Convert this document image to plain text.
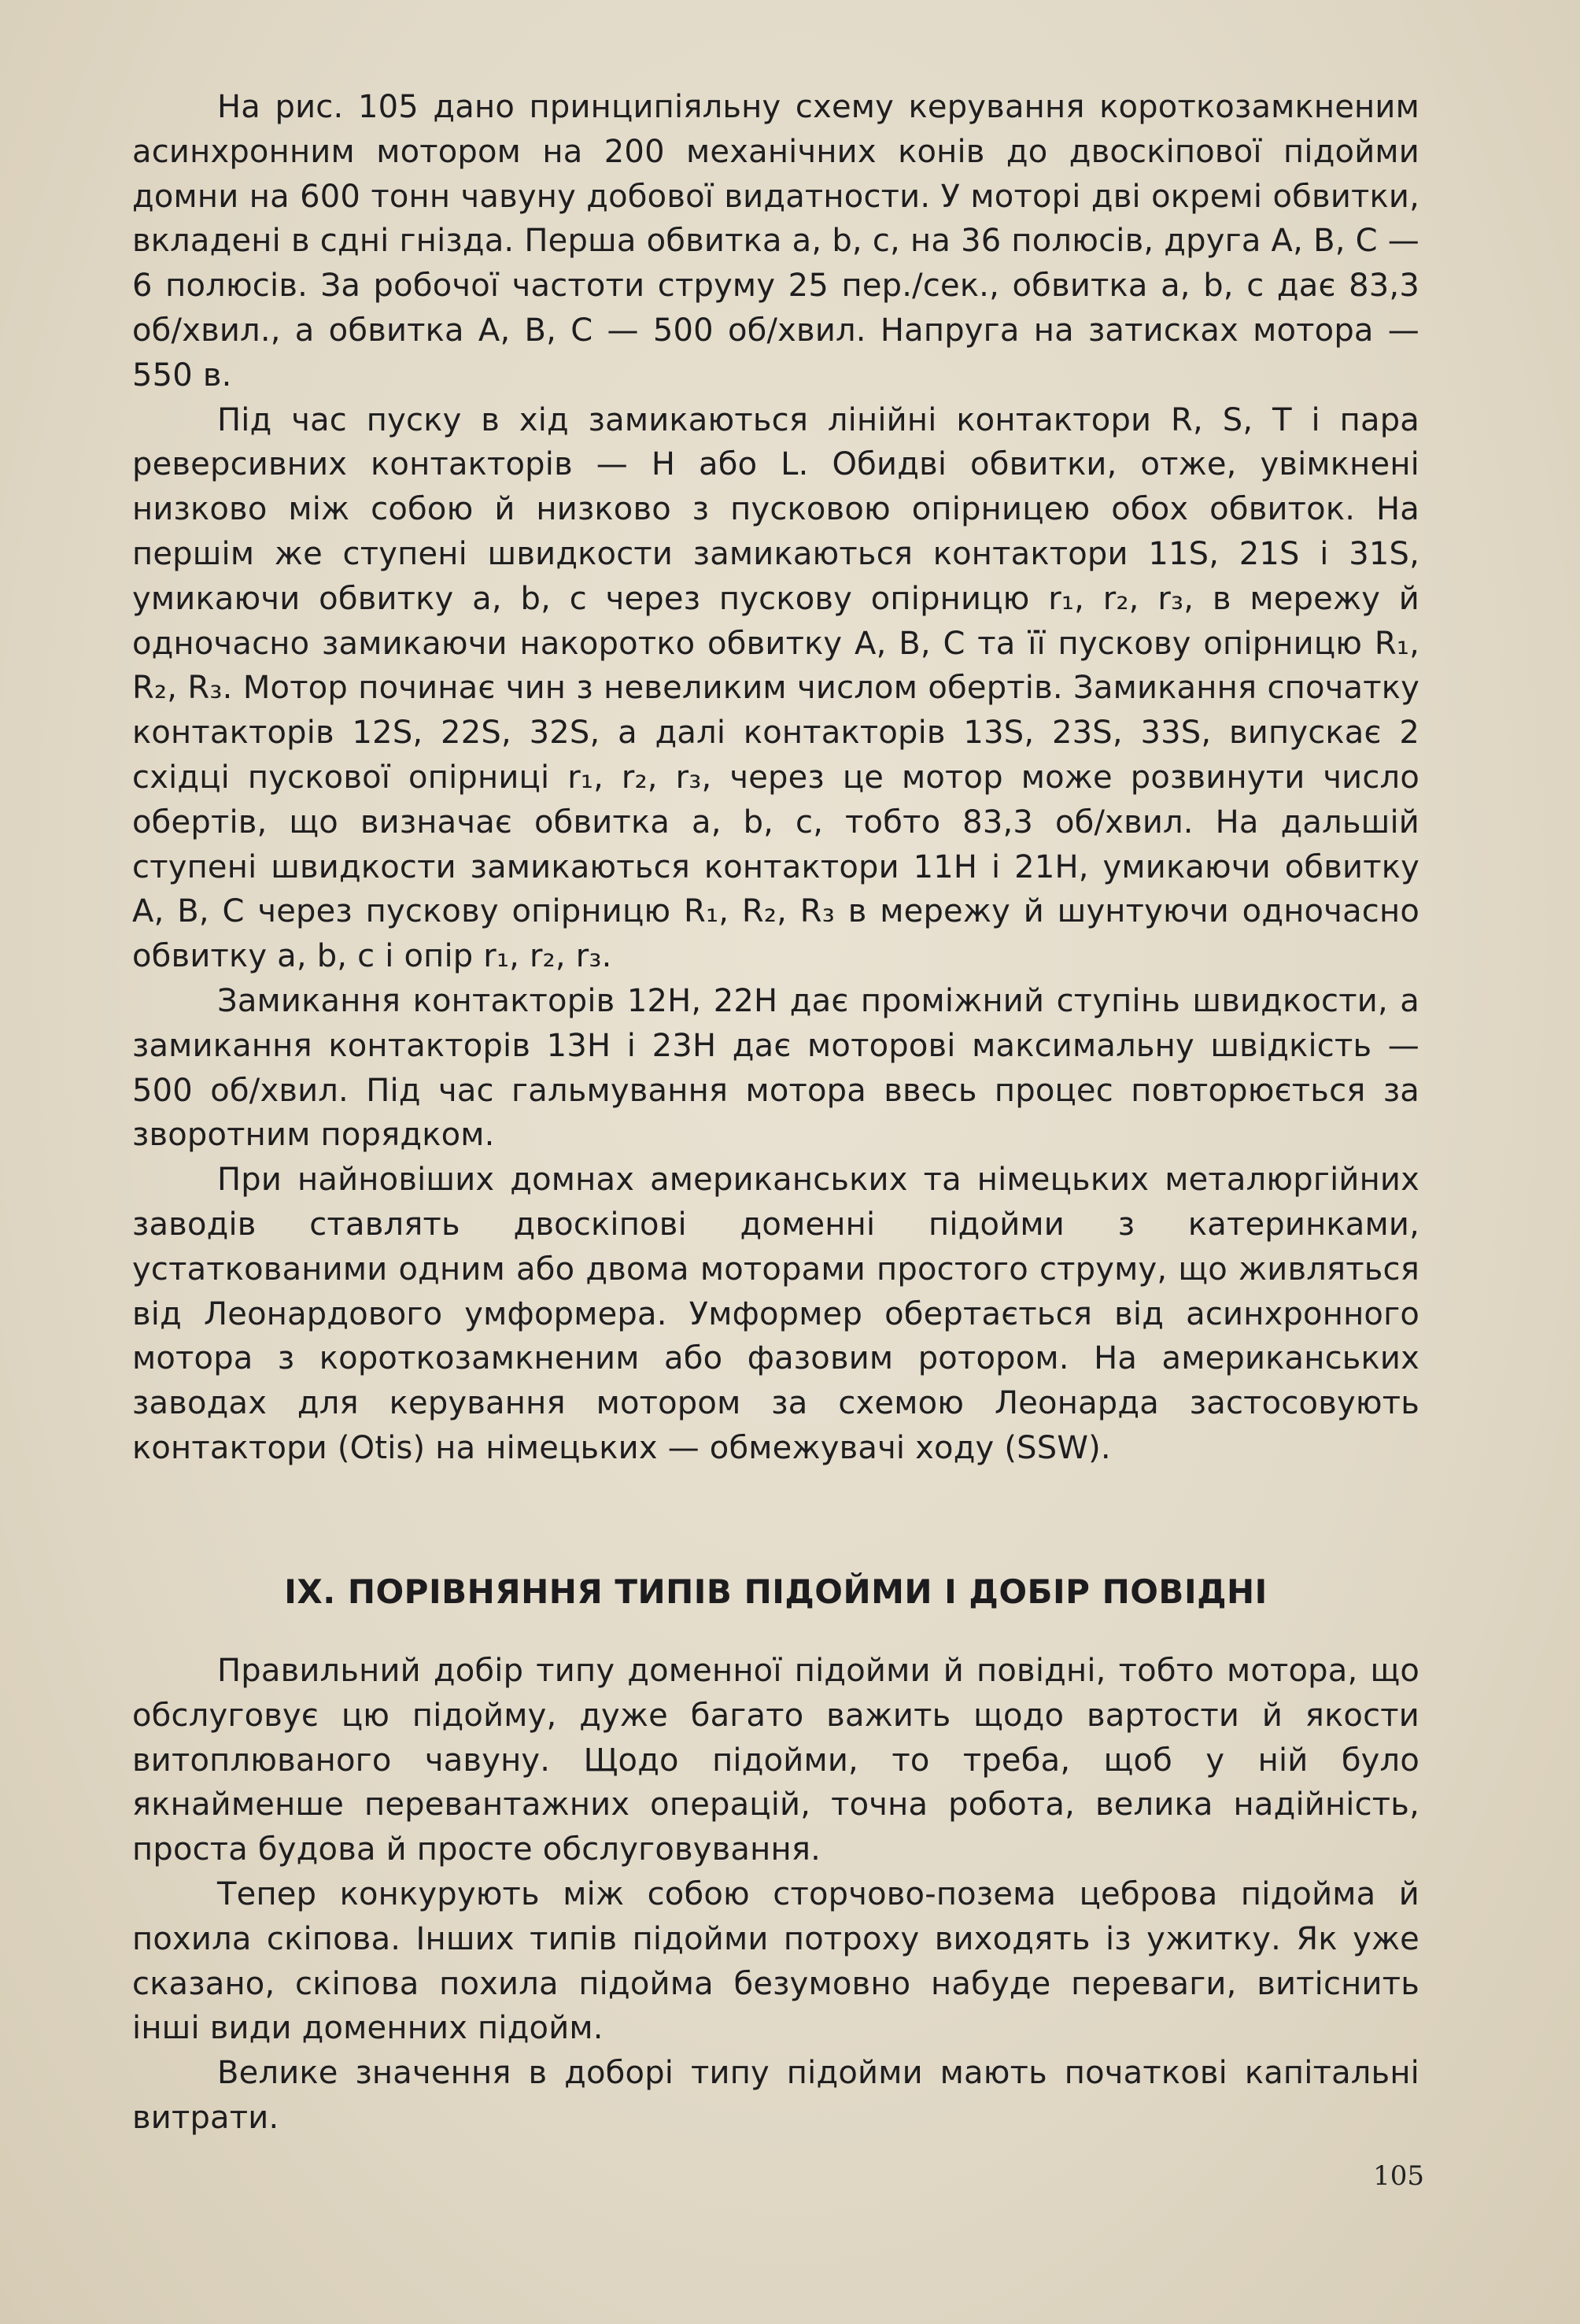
На рис. 105 дано принципіяльну схему керування короткозамкненим асинхронним мотором на 200 механічних конів до двоскіпової підойми домни на 600 тонн чавуну добової видатности. У моторі дві окремі обвитки, вкладені в сдні гнізда. Перша обвитка a, b, c, на 36 полюсів, друга A, B, C — 6 полюсів. За робочої частоти струму 25 пер./сек., обвитка a, b, c дає 83,3 об/хвил., а обвитка A, B, C — 500 об/хвил. Напруга на затисках мотора — 550 в.

Під час пуску в хід замикаються лінійні контактори R, S, T і пара реверсивних контакторів — H або L. Обидві обвитки, отже, увімкнені низково між собою й низково з пусковою опірницею обох обвиток. На першім же ступені швидкости замикаються контактори 11S, 21S і 31S, умикаючи обвитку a, b, c через пускову опірницю r₁, r₂, r₃, в мережу й одночасно замикаючи накоротко обвитку A, B, C та її пускову опірницю R₁, R₂, R₃. Мотор починає чин з невеликим числом обертів. Замикання спочатку контакторів 12S, 22S, 32S, а далі контакторів 13S, 23S, 33S, випускає 2 східці пускової опірниці r₁, r₂, r₃, через це мотор може розвинути число обертів, що визначає обвитка a, b, c, тобто 83,3 об/хвил. На дальшій ступені швидкости замикаються контактори 11H і 21H, умикаючи обвитку A, B, C через пускову опірницю R₁, R₂, R₃ в мережу й шунтуючи одночасно обвитку a, b, c і опір r₁, r₂, r₃.

Замикання контакторів 12H, 22H дає проміжний ступінь швидкости, а замикання контакторів 13H і 23H дає моторові максимальну швідкість — 500 об/хвил. Під час гальмування мотора ввесь процес повторюється за зворотним порядком.

При найновіших домнах американських та німецьких металюргійних заводів ставлять двоскіпові доменні підойми з катеринками, устаткованими одним або двома моторами простого струму, що живляться від Леонардового умформера. Умформер обертається від асинхронного мотора з короткозамкненим або фазовим ротором. На американських заводах для керування мотором за схемою Леонарда застосовують контактори (Otis) на німецьких — обмежувачі ходу (SSW).

IX. ПОРІВНЯННЯ ТИПІВ ПІДОЙМИ І ДОБІР ПОВІДНІ

Правильний добір типу доменної підойми й повідні, тобто мотора, що обслуговує цю підойму, дуже багато важить щодо вартости й якости витоплюваного чавуну. Щодо підойми, то треба, щоб у ній було якнайменше перевантажних операцій, точна робота, велика надійність, проста будова й просте обслуговування.

Тепер конкурують між собою сторчово-позема цеброва підойма й похила скіпова. Інших типів підойми потроху виходять із ужитку. Як уже сказано, скіпова похила підойма безумовно набуде переваги, витіснить інші види доменних підойм.

Велике значення в доборі типу підойми мають початкові капітальні витрати.

105
